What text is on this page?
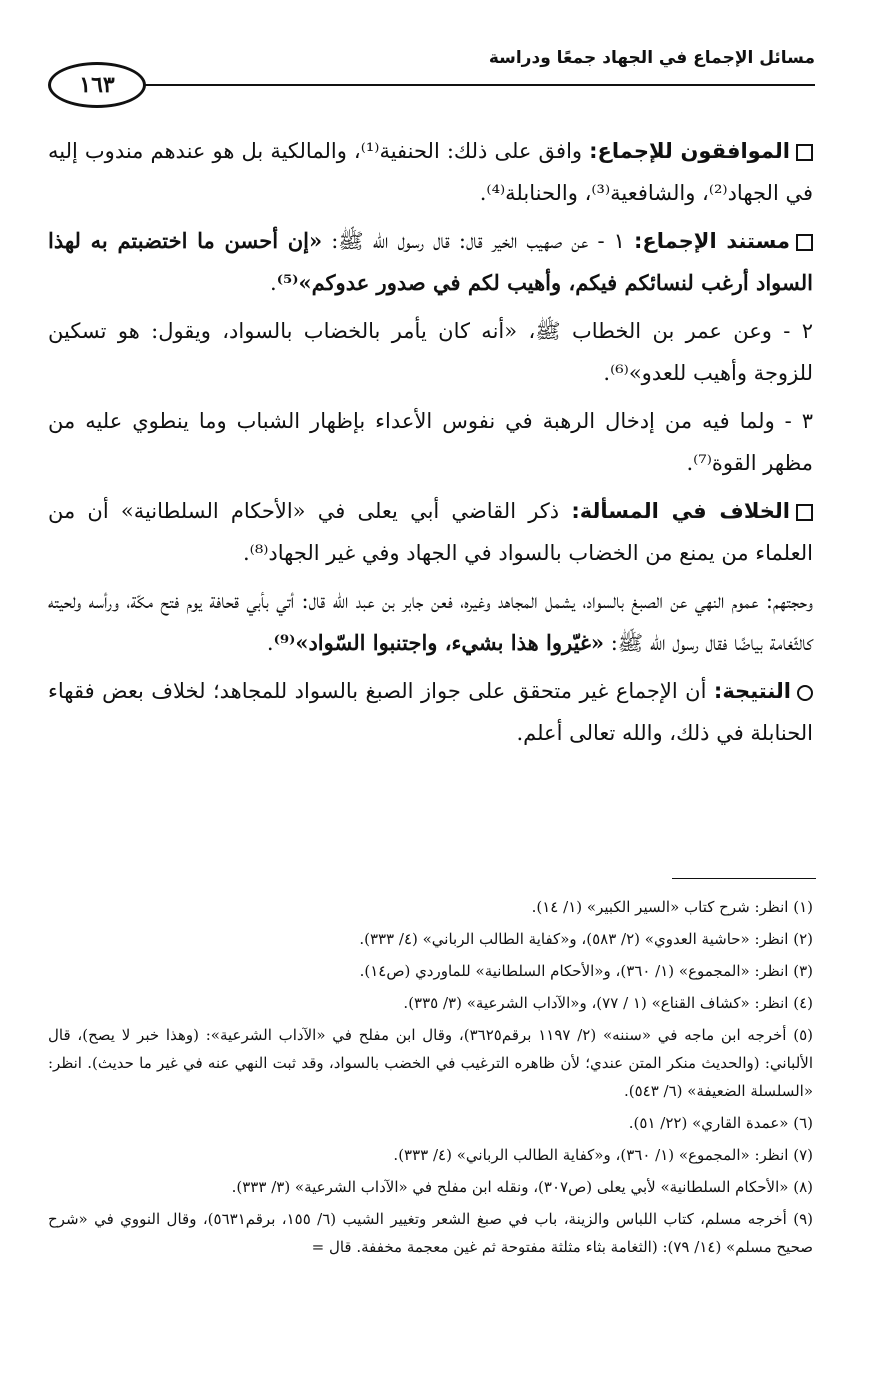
مسائل الإجماع في الجهاد جمعًا ودراسة
١٦٣

الموافقون للإجماع: وافق على ذلك: الحنفية⁽¹⁾، والمالكية بل هو عندهم مندوب إليه في الجهاد⁽²⁾، والشافعية⁽³⁾، والحنابلة⁽⁴⁾.

مستند الإجماع: ١ - عن صهيب الخير قال: قال رسول الله ﷺ: «إن أحسن ما اختضبتم به لهذا السواد أرغب لنسائكم فيكم، وأهيب لكم في صدور عدوكم»⁽⁵⁾.

٢ - وعن عمر بن الخطاب ﷺ، «أنه كان يأمر بالخضاب بالسواد، ويقول: هو تسكين للزوجة وأهيب للعدو»⁽⁶⁾.

٣ - ولما فيه من إدخال الرهبة في نفوس الأعداء بإظهار الشباب وما ينطوي عليه من مظهر القوة⁽⁷⁾.

الخلاف في المسألة: ذكر القاضي أبي يعلى في «الأحكام السلطانية» أن من العلماء من يمنع من الخضاب بالسواد في الجهاد وفي غير الجهاد⁽⁸⁾.

وحجتهم: عموم النهي عن الصبغ بالسواد، يشمل المجاهد وغيره، فعن جابر بن عبد الله قال: أتي بأبي قحافة يوم فتح مكّة، ورأسه ولحيته كالثّغامة بياضًا فقال رسول الله ﷺ: «غيّروا هذا بشيء، واجتنبوا السّواد»⁽⁹⁾.

النتيجة: أن الإجماع غير متحقق على جواز الصبغ بالسواد للمجاهد؛ لخلاف بعض فقهاء الحنابلة في ذلك، والله تعالى أعلم.

(١) انظر: شرح كتاب «السير الكبير» (١/ ١٤).

(٢) انظر: «حاشية العدوي» (٢/ ٥٨٣)، و«كفاية الطالب الرباني» (٤/ ٣٣٣).

(٣) انظر: «المجموع» (١/ ٣٦٠)، و«الأحكام السلطانية» للماوردي (ص١٤).

(٤) انظر: «كشاف القناع» (١ / ٧٧)، و«الآداب الشرعية» (٣/ ٣٣٥).

(٥) أخرجه ابن ماجه في «سننه» (٢/ ١١٩٧ برقم٣٦٢٥)، وقال ابن مفلح في «الآداب الشرعية»: (وهذا خبر لا يصح)، قال الألباني: (والحديث منكر المتن عندي؛ لأن ظاهره الترغيب في الخضب بالسواد، وقد ثبت النهي عنه في غير ما حديث). انظر: «السلسلة الضعيفة» (٦/ ٥٤٣).

(٦) «عمدة القاري» (٢٢/ ٥١).

(٧) انظر: «المجموع» (١/ ٣٦٠)، و«كفاية الطالب الرباني» (٤/ ٣٣٣).

(٨) «الأحكام السلطانية» لأبي يعلى (ص٣٠٧)، ونقله ابن مفلح في «الآداب الشرعية» (٣/ ٣٣٣).

(٩) أخرجه مسلم، كتاب اللباس والزينة، باب في صبغ الشعر وتغيير الشيب (٦/ ١٥٥، برقم٥٦٣١)، وقال النووي في «شرح صحيح مسلم» (١٤/ ٧٩): (الثغامة بثاء مثلثة مفتوحة ثم غين معجمة مخففة. قال =
